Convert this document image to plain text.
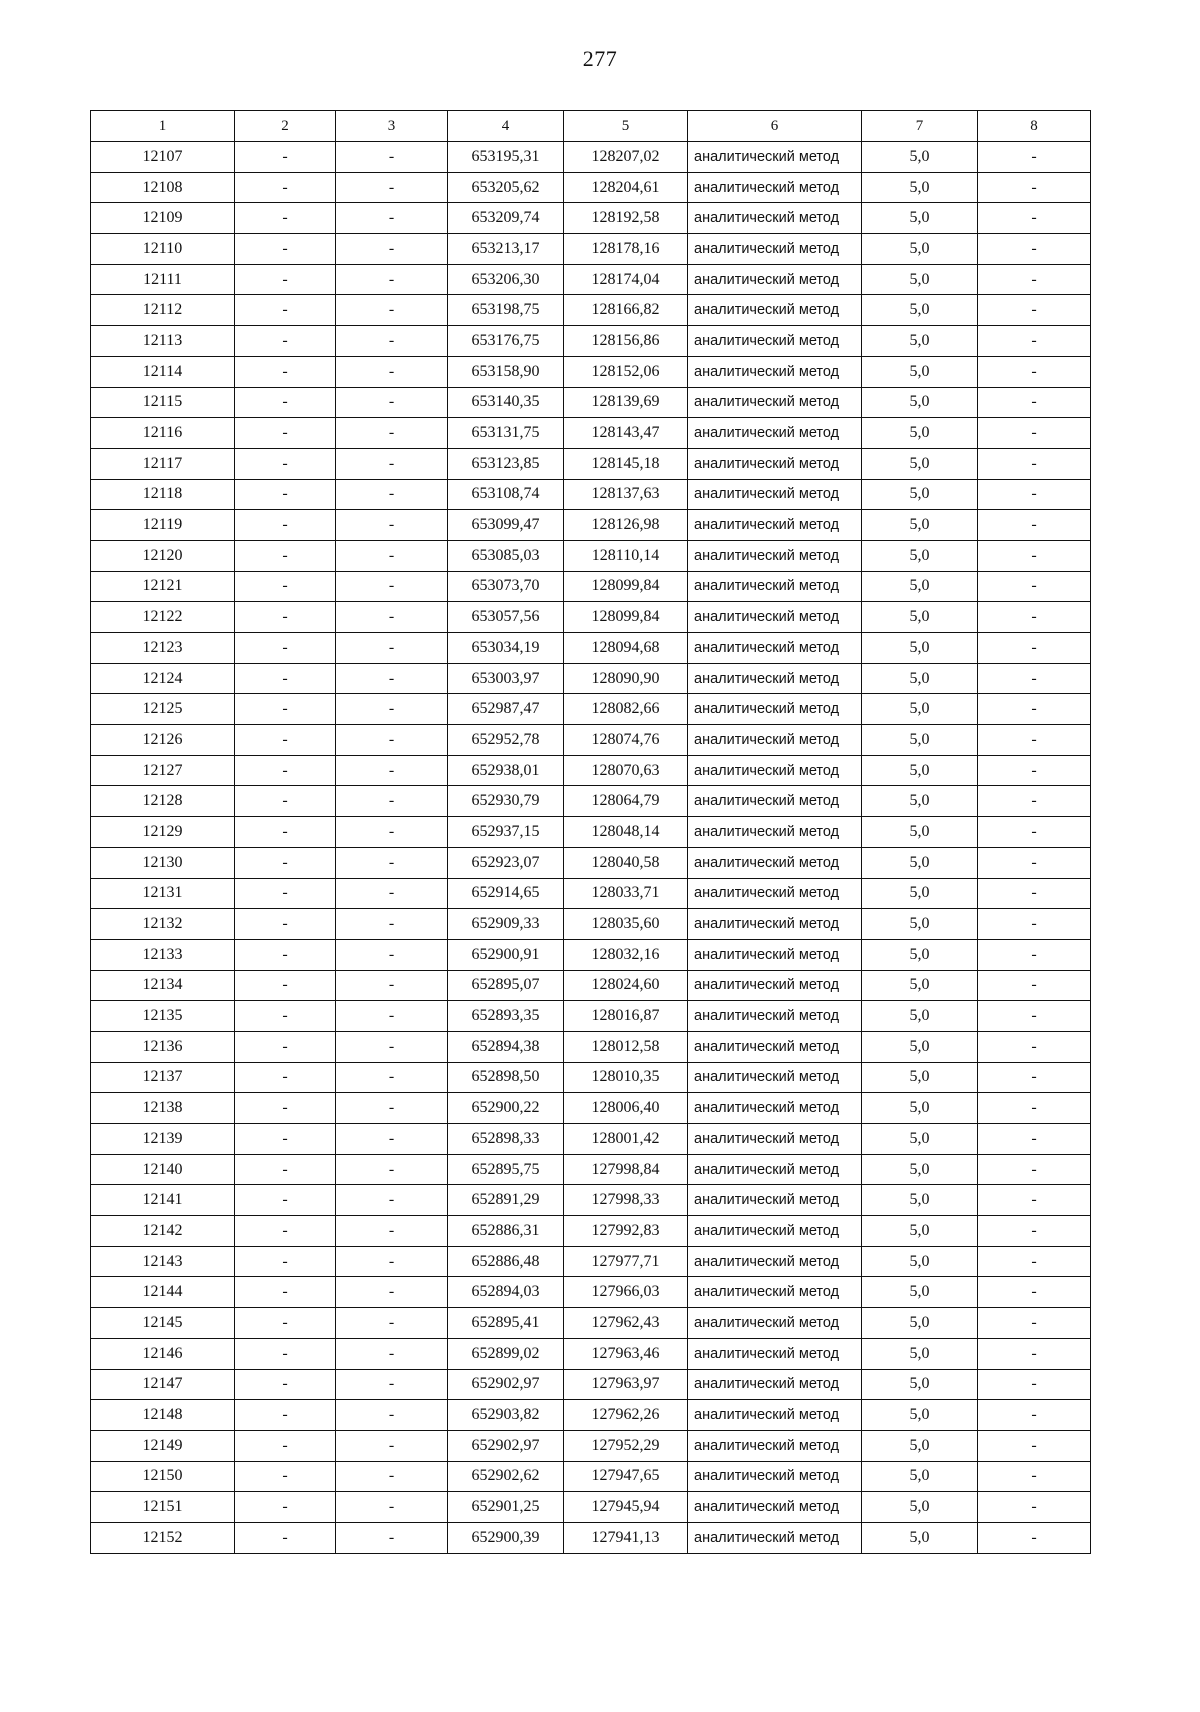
277
1	2	3	4	5	6	7	8
12107	-	-	653195,31	128207,02	аналитический метод	5,0	-
12108	-	-	653205,62	128204,61	аналитический метод	5,0	-
12109	-	-	653209,74	128192,58	аналитический метод	5,0	-
12110	-	-	653213,17	128178,16	аналитический метод	5,0	-
12111	-	-	653206,30	128174,04	аналитический метод	5,0	-
12112	-	-	653198,75	128166,82	аналитический метод	5,0	-
12113	-	-	653176,75	128156,86	аналитический метод	5,0	-
12114	-	-	653158,90	128152,06	аналитический метод	5,0	-
12115	-	-	653140,35	128139,69	аналитический метод	5,0	-
12116	-	-	653131,75	128143,47	аналитический метод	5,0	-
12117	-	-	653123,85	128145,18	аналитический метод	5,0	-
12118	-	-	653108,74	128137,63	аналитический метод	5,0	-
12119	-	-	653099,47	128126,98	аналитический метод	5,0	-
12120	-	-	653085,03	128110,14	аналитический метод	5,0	-
12121	-	-	653073,70	128099,84	аналитический метод	5,0	-
12122	-	-	653057,56	128099,84	аналитический метод	5,0	-
12123	-	-	653034,19	128094,68	аналитический метод	5,0	-
12124	-	-	653003,97	128090,90	аналитический метод	5,0	-
12125	-	-	652987,47	128082,66	аналитический метод	5,0	-
12126	-	-	652952,78	128074,76	аналитический метод	5,0	-
12127	-	-	652938,01	128070,63	аналитический метод	5,0	-
12128	-	-	652930,79	128064,79	аналитический метод	5,0	-
12129	-	-	652937,15	128048,14	аналитический метод	5,0	-
12130	-	-	652923,07	128040,58	аналитический метод	5,0	-
12131	-	-	652914,65	128033,71	аналитический метод	5,0	-
12132	-	-	652909,33	128035,60	аналитический метод	5,0	-
12133	-	-	652900,91	128032,16	аналитический метод	5,0	-
12134	-	-	652895,07	128024,60	аналитический метод	5,0	-
12135	-	-	652893,35	128016,87	аналитический метод	5,0	-
12136	-	-	652894,38	128012,58	аналитический метод	5,0	-
12137	-	-	652898,50	128010,35	аналитический метод	5,0	-
12138	-	-	652900,22	128006,40	аналитический метод	5,0	-
12139	-	-	652898,33	128001,42	аналитический метод	5,0	-
12140	-	-	652895,75	127998,84	аналитический метод	5,0	-
12141	-	-	652891,29	127998,33	аналитический метод	5,0	-
12142	-	-	652886,31	127992,83	аналитический метод	5,0	-
12143	-	-	652886,48	127977,71	аналитический метод	5,0	-
12144	-	-	652894,03	127966,03	аналитический метод	5,0	-
12145	-	-	652895,41	127962,43	аналитический метод	5,0	-
12146	-	-	652899,02	127963,46	аналитический метод	5,0	-
12147	-	-	652902,97	127963,97	аналитический метод	5,0	-
12148	-	-	652903,82	127962,26	аналитический метод	5,0	-
12149	-	-	652902,97	127952,29	аналитический метод	5,0	-
12150	-	-	652902,62	127947,65	аналитический метод	5,0	-
12151	-	-	652901,25	127945,94	аналитический метод	5,0	-
12152	-	-	652900,39	127941,13	аналитический метод	5,0	-
